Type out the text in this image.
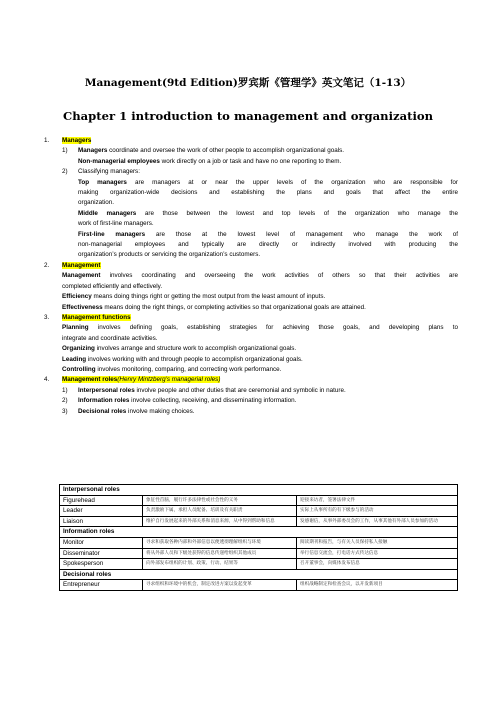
Management(9td Edition)罗宾斯《管理学》英文笔记（1-13）
Chapter 1 introduction to management and organization
1. Managers
1) Managers coordinate and oversee the work of other people to accomplish organizational goals.
Non-managerial employees work directly on a job or task and have no one reporting to them.
2) Classifying managers:
Top managers are managers at or near the upper levels of the organization who are responsible for
making organization-wide decisions and establishing the plans and goals that affect the entire
organization.
Middle managers are those between the lowest and top levels of the organization who manage the
work of first-line managers.
First-line managers are those at the lowest level of management who manage the work of
non-managerial employees and typically are directly or indirectly involved with producing the
organization’s products or servicing the organization’s customers.
2. Management
Management involves coordinating and overseeing the work activities of others so that their activities are
completed efficiently and effectively.
Efficiency means doing things right or getting the most output from the least amount of inputs.
Effectiveness means doing the right things, or completing activities so that organizational goals are attained.
3. Management functions
Planning involves defining goals, establishing strategies for achieving those goals, and developing plans to
integrate and coordinate activities.
Organizing involves arrange and structure work to accomplish organizational goals.
Leading involves working with and through people to accomplish organizational goals.
Controlling involves monitoring, comparing, and correcting work performance.
4. Management roles(Henry Mintzberg’s managerial roles)
1) Interpersonal roles involve people and other duties that are ceremonial and symbolic in nature.
2) Information roles involve collecting, receiving, and disseminating information.
3) Decisional roles involve making choices.
Interpersonal roles		
Figurehead	象征性首脑，履行许多法律性或社会性的义务	迎接来访者，签署法律文件
Leader	负责激励下属，承担人员配备、培训及有关职责	实际上从事所有的有下级参与的活动
Liaison	维护自行发展起来的外部关系和消息来源，从中得到帮助和信息	发感谢信，从事外部委员会的工作，从事其他有外部人员参加的活动
Information roles		
Monitor	寻求和获取各种内部和外部信息以便透彻理解组织与环境	阅读期刊和报告，与有关人员保持私人接触
Disseminator	将从外部人员和下级处获得的信息传递给组织其他成员	举行信息交流会，打电话方式传达信息
Spokesperson	向外部发布组织的计划、政策、行动、结果等	召开董事会，向媒体发布信息
Decisional roles		
Entrepreneur	寻求组织和环境中的机会，制定改进方案以发起变革	组织战略制定和检查会议，以开发新项目
